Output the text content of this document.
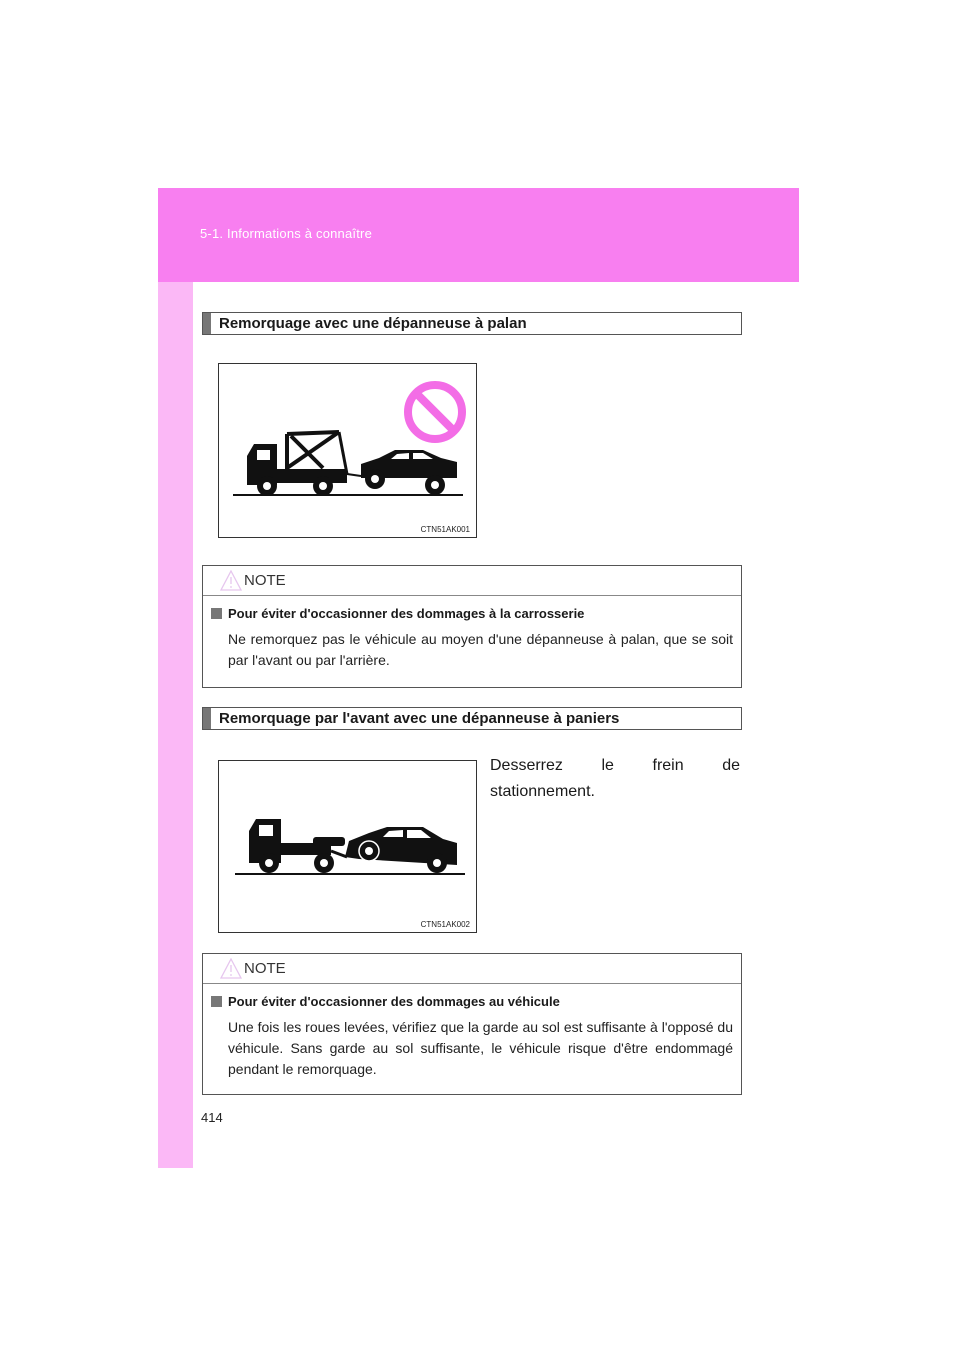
5-1. Informations à connaître
Remorquage avec une dépanneuse à palan
CTN51AK001
NOTE
Pour éviter d'occasionner des dommages à la carrosserie
Ne remorquez pas le véhicule au moyen d'une dépanneuse à palan, que se soit par l'avant ou par l'arrière.
Remorquage par l'avant avec une dépanneuse à paniers
Desserrez le frein de stationnement.
CTN51AK002
NOTE
Pour éviter d'occasionner des dommages au véhicule
Une fois les roues levées, vérifiez que la garde au sol est suffisante à l'opposé du véhicule. Sans garde au sol suffisante, le véhicule risque d'être endommagé pendant le remorquage.
414
